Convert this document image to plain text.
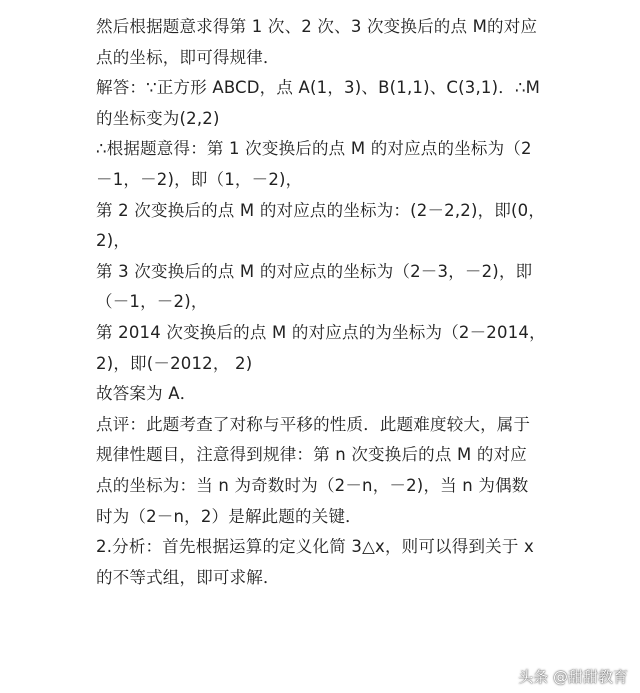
然后根据题意求得第 1 次、2 次、3 次变换后的点 M的对应
点的坐标，即可得规律．
解答：∵正方形 ABCD，点 A(1，3)、B(1,1)、C(3,1)．∴M
的坐标变为(2,2)
∴根据题意得：第 1 次变换后的点 M 的对应点的坐标为（2
－1，－2)，即（1，－2)，
第 2 次变换后的点 M 的对应点的坐标为：(2－2,2)，即(0，
2)，
第 3 次变换后的点 M 的对应点的坐标为（2－3，－2)，即
（－1，－2)，
第 2014 次变换后的点 M 的对应点的为坐标为（2－2014，
2)，即(－2012， 2)
故答案为 A．
点评：此题考查了对称与平移的性质．此题难度较大，属于
规律性题目，注意得到规律：第 n 次变换后的点 M 的对应
点的坐标为：当 n 为奇数时为（2－n，－2)，当 n 为偶数
时为（2－n，2）是解此题的关键．
2.分析：首先根据运算的定义化简 3△x，则可以得到关于 x
的不等式组，即可求解．
头条 @甜甜教育
